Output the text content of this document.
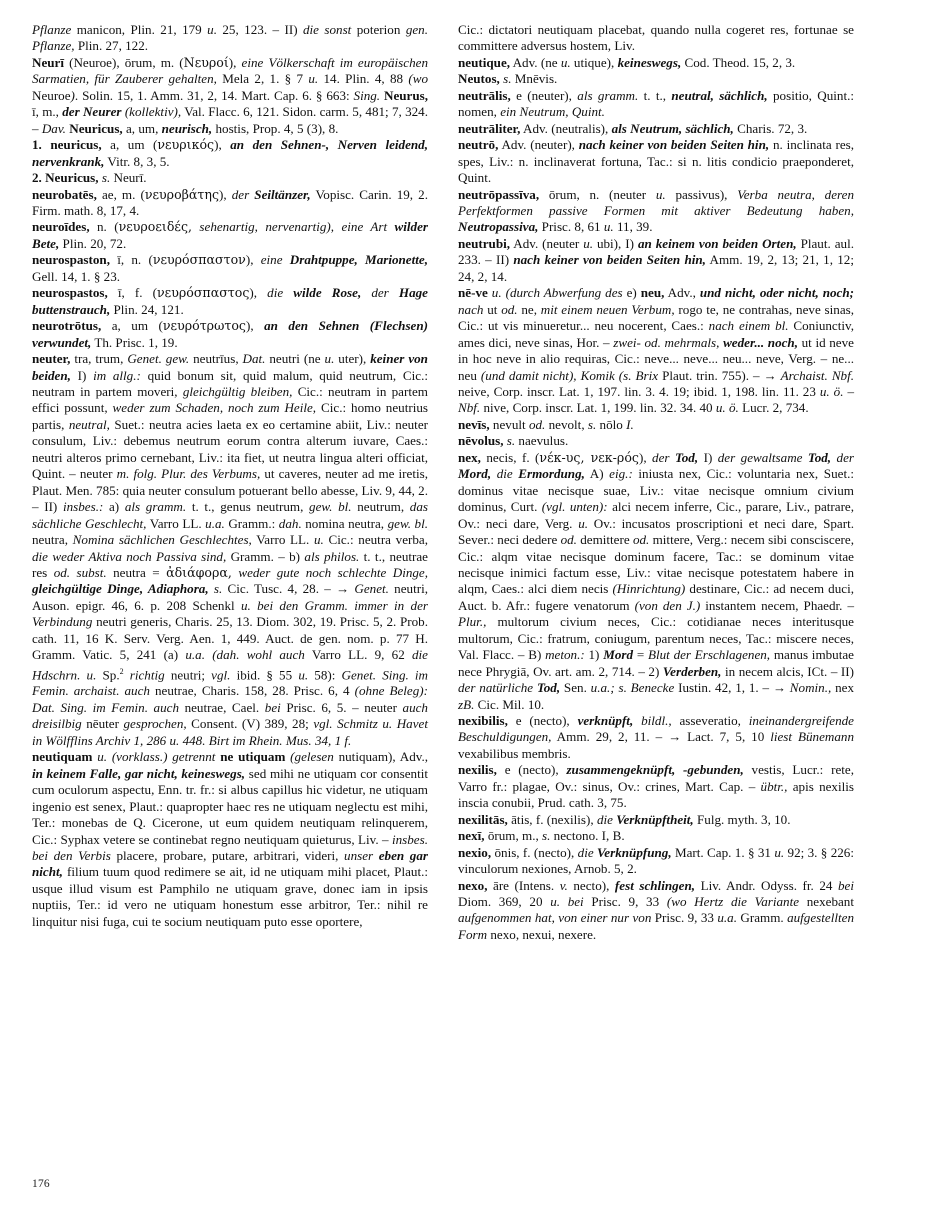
Pflanze manicon, Plin. 21, 179 u. 25, 123. – II) die sonst pote​rion gen. Pflanze, Plin. 27, 122.

Neurī (Neuroe), ōrum, m. (Νευροί), eine Völkerschaft im euro​päischen Sarmatien, für Zauberer gehalten, Mela 2, 1. § 7 u. 14. Plin. 4, 88 (wo Neuroe). Solin. 15, 1. Amm. 31, 2, 14. Mart. Cap. 6. § 663: Sing. Neurus, ī, m., der Neurer (kollektiv), Val. Flacc. 6, 121. Sidon. carm. 5, 481; 7, 324. – Dav. Neuri​cus, a, um, neurisch, hostis, Prop. 4, 5 (3), 8.

1. neuricus, a, um (νευρικός), an den Sehnen-, Nerven leidend, nervenkrank, Vitr. 8, 3, 5.

2. Neuricus, s. Neurī.

neurobatēs, ae, m. (νευροβάτης), der Seiltänzer, Vopisc. Carin. 19, 2. Firm. math. 8, 17, 4.

neuroīdes, n. (νευροειδές, sehenartig, nervenartig), eine Art wilder Bete, Plin. 20, 72.

neurospaston, ī, n. (νευρόσπαστον), eine Drahtpuppe, Mario​nette, Gell. 14, 1. § 23.

neurospastos, ī, f. (νευρόσπαστος), die wilde Rose, der Hage​buttenstrauch, Plin. 24, 121.

neurotrōtus, a, um (νευρότρωτος), an den Sehnen (Flechsen) verwundet, Th. Prisc. 1, 19.

neuter, tra, trum, Genet. gew. neutrīus, Dat. neutri (ne u. uter), keiner von beiden, I) im allg.: quid bonum sit, quid malum, quid neutrum, Cic.: neutram in partem moveri, gleichgültig bleiben, Cic.: neutram in partem effici possunt, weder zum Schaden, noch zum Heile, Cic.: homo neutrius partis, neutral, Suet.: neutra acies laeta ex eo certamine abiit, Liv.: neuter consulum, Liv.: debemus neutrum eorum contra alterum iuvare, Caes.: neutri alteros primo cernebant, Liv.: ita fiet, ut neutra lingua alteri officiat, Quint. – neuter m. folg. Plur. des Verbums, ut caveres, neuter ad me iretis, Plaut. Men. 785: quia neuter consulum potuerant bello abesse, Liv. 9, 44, 2. – II) insbes.: a) als gramm. t. t., genus neutrum, gew. bl. neutrum, das sächliche Geschlecht, Varro LL. u.a. Gramm.: dah. nomina neutra, gew. bl. neutra, Nomina sächlichen Geschlechtes, Varro LL. u. Cic.: neutra verba, die weder Aktiva noch Passiva sind, Gramm. – b) als philos. t. t., neutrae res od. subst. neutra = ἀδιάφορα, weder gute noch schlechte Dinge, gleichgültige Dinge, Adiaphora, s. Cic. Tusc. 4, 28. – → Genet. neutri, Auson. epigr. 46, 6. p. 208 Schenkl u. bei den Gramm. immer in der Verbindung neutri generis, Charis. 25, 13. Diom. 302, 19. Prisc. 5, 2. Prob. cath. 11, 16 K. Serv. Verg. Aen. 1, 449. Auct. de gen. nom. p. 77 H. Gramm. Vatic. 5, 241 (a) u.a. (dah. wohl auch Varro LL. 9, 62 die Hdschrn. u. Sp.$^2$ richtig neutri; vgl. ibid. § 55 u. 58): Genet. Sing. im Femin. archaist. auch neutrae, Charis. 158, 28. Prisc. 6, 4 (ohne Beleg): Dat. Sing. im Femin. auch neutrae, Cael. bei Prisc. 6, 5. – neuter auch dreisilbig nēuter gesprochen, Consent. (V) 389, 28; vgl. Schmitz u. Havet in Wölfflins Archiv 1, 286 u. 448. Birt im Rhein. Mus. 34, 1 f.

neutiquam u. (vorklass.) getrennt ne utiquam (gelesen nu​tiquam), Adv., in keinem Falle, gar nicht, keineswegs, sed mihi ne utiquam cor consentit cum oculorum aspectu, Enn. tr. fr.: si albus capillus hic videtur, ne utiquam ingenio est senex, Plaut.: quapropter haec res ne utiquam neglectu est mihi, Ter.: monebas de Q. Cicerone, ut eum quidem neutiquam relinque​rem, Cic.: Syphax vetere se continebat regno neutiquam quie​turus, Liv. – insbes. bei den Verbis placere, probare, putare, arbitrari, videri, unser eben gar nicht, filium tuum quod redi​mere se ait, id ne utiquam mihi placet, Plaut.: usque illud visum est Pamphilo ne utiquam grave, donec iam in ipsis nuptiis, Ter.: id vero ne utiquam honestum esse arbitror, Ter.: nihil re​linquitur nisi fuga, cui te socium neutiquam puto esse oportere,

Cic.: dictatori neutiquam placebat, quando nulla cogeret res, fortunae se committere adversus hostem, Liv.

neutique, Adv. (ne u. utique), keineswegs, Cod. Theod. 15, 2, 3.

Neutos, s. Mnēvis.

neutrālis, e (neuter), als gramm. t. t., neutral, sächlich, positio, Quint.: nomen, ein Neutrum, Quint.

neutrāliter, Adv. (neutralis), als Neutrum, sächlich, Charis. 72, 3.

neutrō, Adv. (neuter), nach keiner von beiden Seiten hin, n. inclinata res, spes, Liv.: n. inclinaverat fortuna, Tac.: si n. litis condicio praeponderet, Quint.

neutrōpassīva, ōrum, n. (neuter u. passivus), Verba neutra, deren Perfektformen passive Formen mit aktiver Bedeutung haben, Neutropassiva, Prisc. 8, 61 u. 11, 39.

neutrubi, Adv. (neuter u. ubi), I) an keinem von beiden Orten, Plaut. aul. 233. – II) nach keiner von beiden Seiten hin, Amm. 19, 2, 13; 21, 1, 12; 24, 2, 14.

nē-ve u. (durch Abwerfung des e) neu, Adv., und nicht, oder nicht, noch; nach ut od. ne, mit einem neuen Verbum, rogo te, ne contrahas, neve sinas, Cic.: ut vis minueretur... neu no​cerent, Caes.: nach einem bl. Coniunctiv, ames dici, neve sinas, Hor. – zwei- od. mehrmals, weder... noch, ut id neve in hoc neve in alio requiras, Cic.: neve... neve... neu... neve, Verg. – ne... neu (und damit nicht), Komik (s. Brix Plaut. trin. 755). – → Archaist. Nbf. neive, Corp. inscr. Lat. 1, 197. lin. 3. 4. 19; ibid. 1, 198. lin. 11. 23 u. ö. – Nbf. nive, Corp. inscr. Lat. 1, 199. lin. 32. 34. 40 u. ö. Lucr. 2, 734.

nevīs, nevult od. nevolt, s. nōlo I.

nēvolus, s. naevulus.

nex, necis, f. (νέκ-υς, νεκ-ρός), der Tod, I) der gewaltsame Tod, der Mord, die Ermordung, A) eig.: iniusta nex, Cic.: voluntaria nex, Suet.: dominus vitae necisque suae, Liv.: vitae necisque omnium civium dominus, Curt. (vgl. unten): alci ne​cem inferre, Cic., parare, Liv., patrare, Ov.: neci dare, Verg. u. Ov.: incusatos proscriptioni et neci dare, Spart. Sever.: neci dedere od. demittere od. mittere, Verg.: necem sibi consciscere, Cic.: alqm vitae necisque dominum facere, Tac.: se dominum vitae necisque inimici factum esse, Liv.: vitae necisque potesta​tem habere in alqm, Caes.: alci diem necis (Hinrichtung) desti​nare, Cic.: ad necem duci, Auct. b. Afr.: fugere venatorum (von den J.) instantem necem, Phaedr. – Plur., multorum civium neces, Cic.: cotidianae neces interitusque multorum, Cic.: fra​trum, coniugum, parentum neces, Tac.: miscere neces, Val. Flacc. – B) meton.: 1) Mord = Blut der Erschlagenen, manus imbutae nece Phrygiā, Ov. art. am. 2, 714. – 2) Verderben, in necem alcis, ICt. – II) der natürliche Tod, Sen. u.a.; s. Benecke Iustin. 42, 1, 1. – → Nomin., nex zB. Cic. Mil. 10.

nexibilis, e (necto), verknüpft, bildl., asseveratio, ineinander​greifende Beschuldigungen, Amm. 29, 2, 11. – → Lact. 7, 5, 10 liest Bünemann vexabilibus membris.

nexilis, e (necto), zusammengeknüpft, -gebunden, vestis, Lucr.: rete, Varro fr.: plagae, Ov.: sinus, Ov.: crines, Mart. Cap. – übtr., apis nexilis inscia conubii, Prud. cath. 3, 75.

nexilitās, ātis, f. (nexilis), die Verknüpftheit, Fulg. myth. 3, 10.

nexī, ōrum, m., s. nectono. I, B.

nexio, ōnis, f. (necto), die Verknüpfung, Mart. Cap. 1. § 31 u. 92; 3. § 226: vinculorum nexiones, Arnob. 5, 2.

nexo, āre (Intens. v. necto), fest schlingen, Liv. Andr. Odyss. fr. 24 bei Diom. 369, 20 u. bei Prisc. 9, 33 (wo Hertz die Va​riante nexebant aufgenommen hat, von einer nur von Prisc. 9, 33 u.a. Gramm. aufgestellten Form nexo, nexui, nexere.

176
